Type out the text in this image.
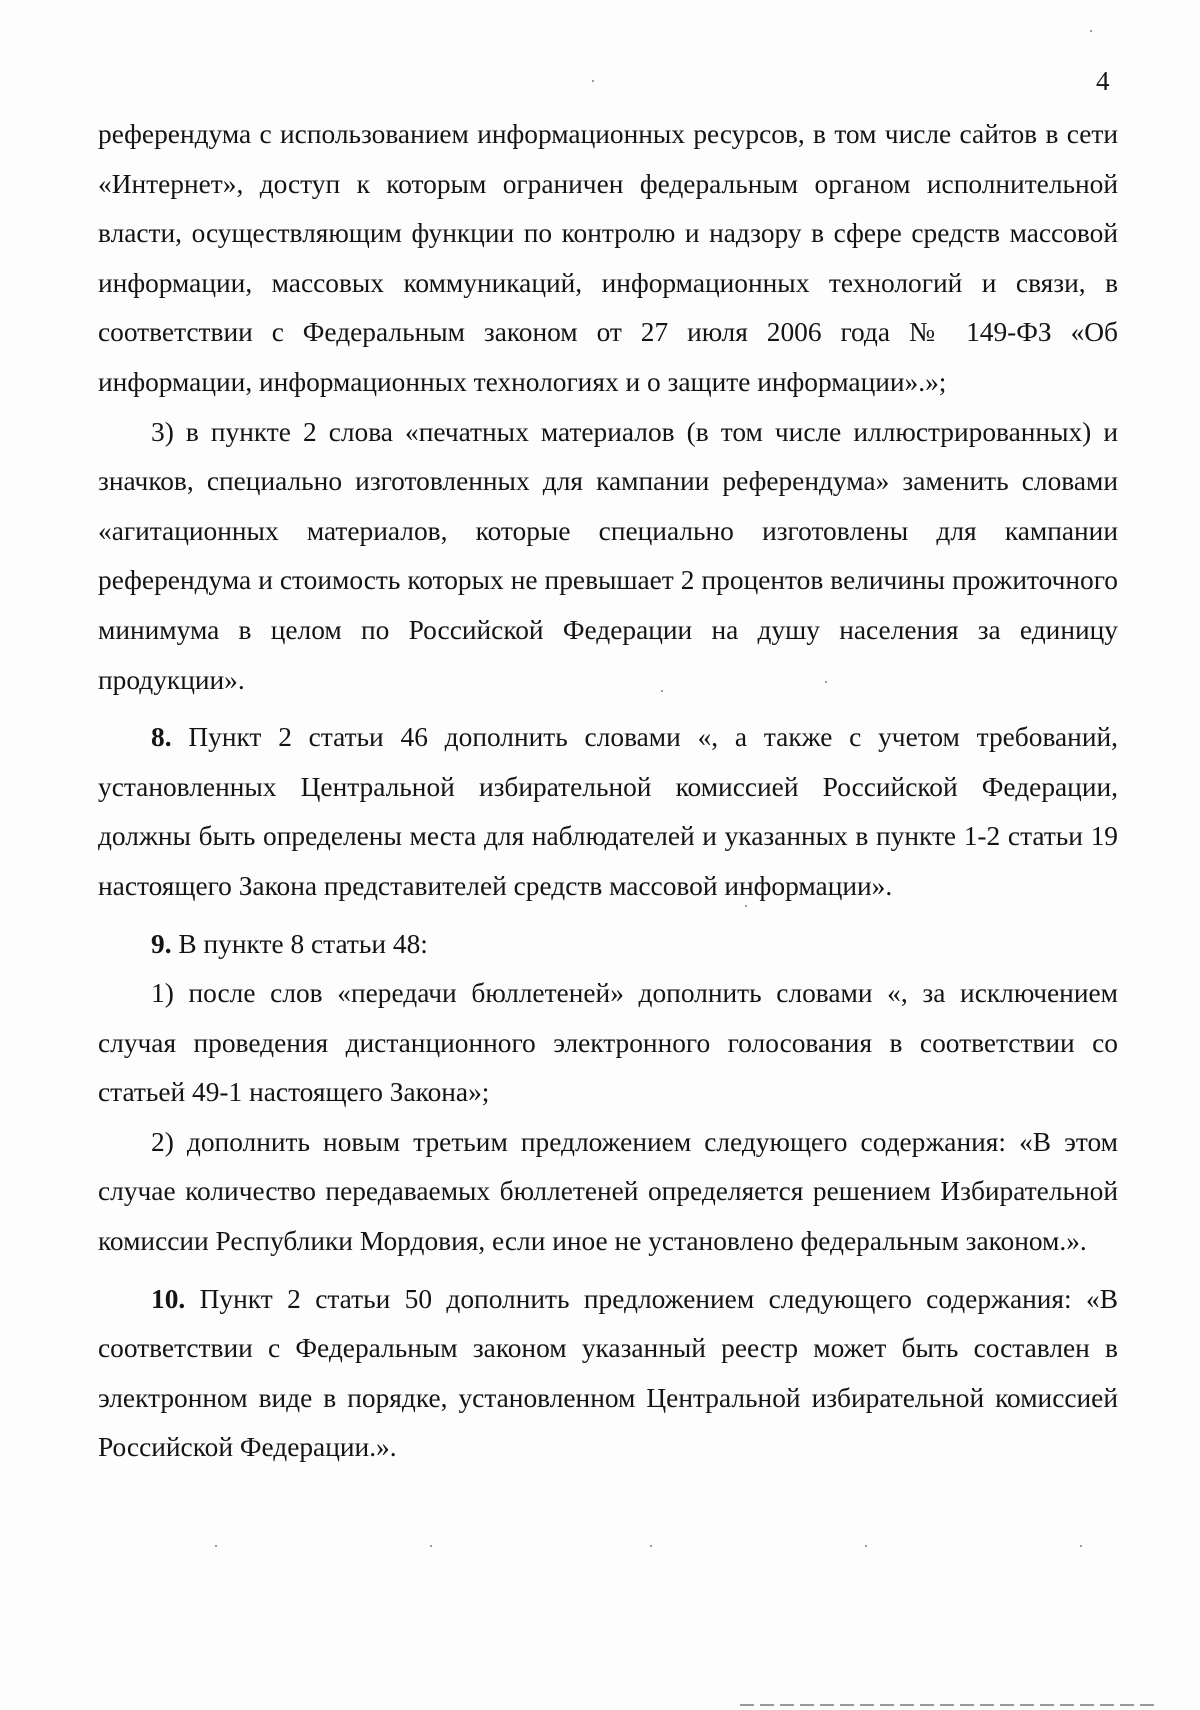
4

референдума с использованием информационных ресурсов, в том числе сайтов в сети «Интернет», доступ к которым ограничен федеральным органом исполнительной власти, осуществляющим функции по контролю и надзору в сфере средств массовой информации, массовых коммуникаций, информационных технологий и связи, в соответствии с Федеральным законом от 27 июля 2006 года № 149-ФЗ «Об информации, информационных технологиях и о защите информации».»;

3) в пункте 2 слова «печатных материалов (в том числе иллюстрированных) и значков, специально изготовленных для кампании референдума» заменить словами «агитационных материалов, которые специально изготовлены для кампании референдума и стоимость которых не превышает 2 процентов величины прожиточного минимума в целом по Российской Федерации на душу населения за единицу продукции».

8. Пункт 2 статьи 46 дополнить словами «, а также с учетом требований, установленных Центральной избирательной комиссией Российской Федерации, должны быть определены места для наблюдателей и указанных в пункте 1-2 статьи 19 настоящего Закона представителей средств массовой информации».

9. В пункте 8 статьи 48:

1) после слов «передачи бюллетеней» дополнить словами «, за исключением случая проведения дистанционного электронного голосования в соответствии со статьей 49-1 настоящего Закона»;

2) дополнить новым третьим предложением следующего содержания: «В этом случае количество передаваемых бюллетеней определяется решением Избирательной комиссии Республики Мордовия, если иное не установлено федеральным законом.».

10. Пункт 2 статьи 50 дополнить предложением следующего содержания: «В соответствии с Федеральным законом указанный реестр может быть составлен в электронном виде в порядке, установленном Центральной избирательной комиссией Российской Федерации.».
